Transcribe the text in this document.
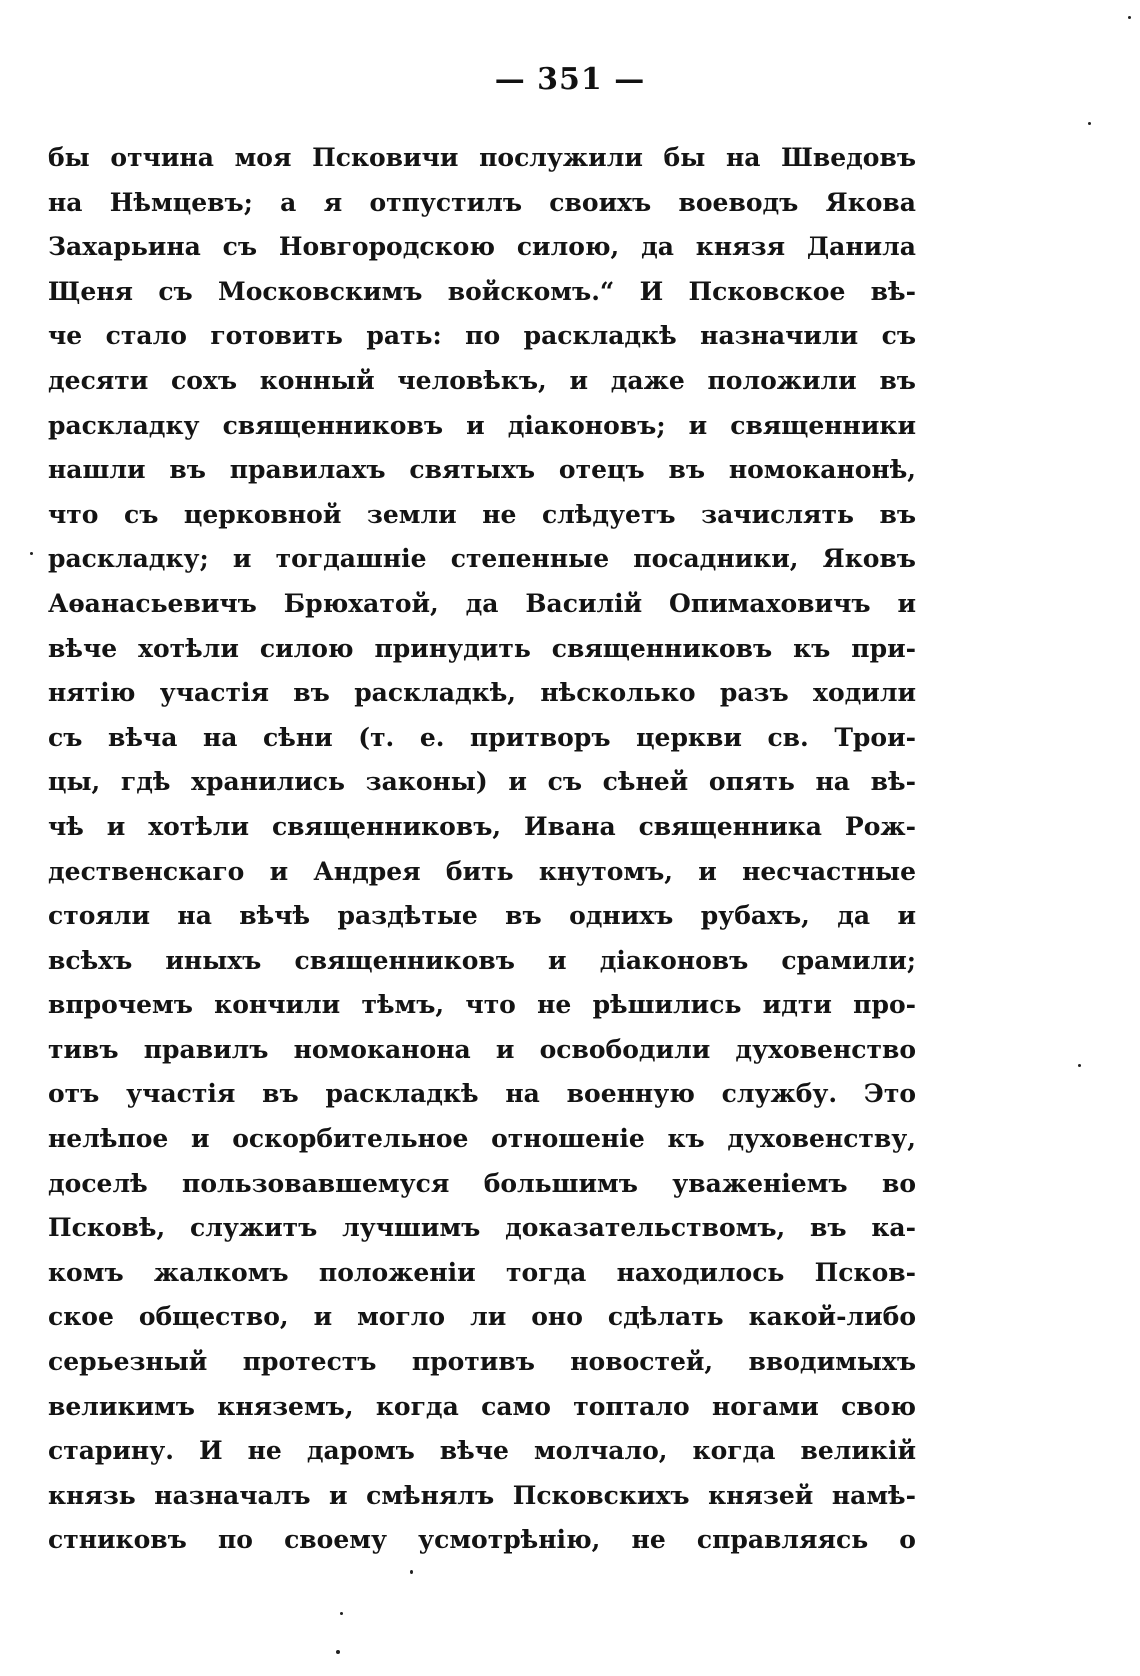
— 351 —
бы отчина моя Псковичи послужили бы на Шведовъ
на Нѣмцевъ; а я отпустилъ своихъ воеводъ Якова
Захарьина съ Новгородскою силою, да князя Данила
Щеня съ Московскимъ войскомъ.“ И Псковское вѣ-
че стало готовить рать: по раскладкѣ назначили съ
десяти сохъ конный человѣкъ, и даже положили въ
раскладку священниковъ и діаконовъ; и священники
нашли въ правилахъ святыхъ отецъ въ номоканонѣ,
что съ церковной земли не слѣдуетъ зачислять въ
раскладку; и тогдашніе степенные посадники, Яковъ
Аѳанасьевичъ Брюхатой, да Василій Опимаховичъ и
вѣче хотѣли силою принудить священниковъ къ при-
нятію участія въ раскладкѣ, нѣсколько разъ ходили
съ вѣча на сѣни (т. е. притворъ церкви св. Трои-
цы, гдѣ хранились законы) и съ сѣней опять на вѣ-
чѣ и хотѣли священниковъ, Ивана священника Рож-
дественскаго и Андрея бить кнутомъ, и несчастные
стояли на вѣчѣ раздѣтые въ однихъ рубахъ, да и
всѣхъ иныхъ священниковъ и діаконовъ срамили;
впрочемъ кончили тѣмъ, что не рѣшились идти про-
тивъ правилъ номоканона и освободили духовенство
отъ участія въ раскладкѣ на военную службу. Это
нелѣпое и оскорбительное отношеніе къ духовенству,
доселѣ пользовавшемуся большимъ уваженіемъ во
Псковѣ, служитъ лучшимъ доказательствомъ, въ ка-
комъ жалкомъ положеніи тогда находилось Псков-
ское общество, и могло ли оно сдѣлать какой-либо
серьезный протестъ противъ новостей, вводимыхъ
великимъ княземъ, когда само топтало ногами свою
старину. И не даромъ вѣче молчало, когда великій
князь назначалъ и смѣнялъ Псковскихъ князей намѣ-
стниковъ по своему усмотрѣнію, не справляясь о
